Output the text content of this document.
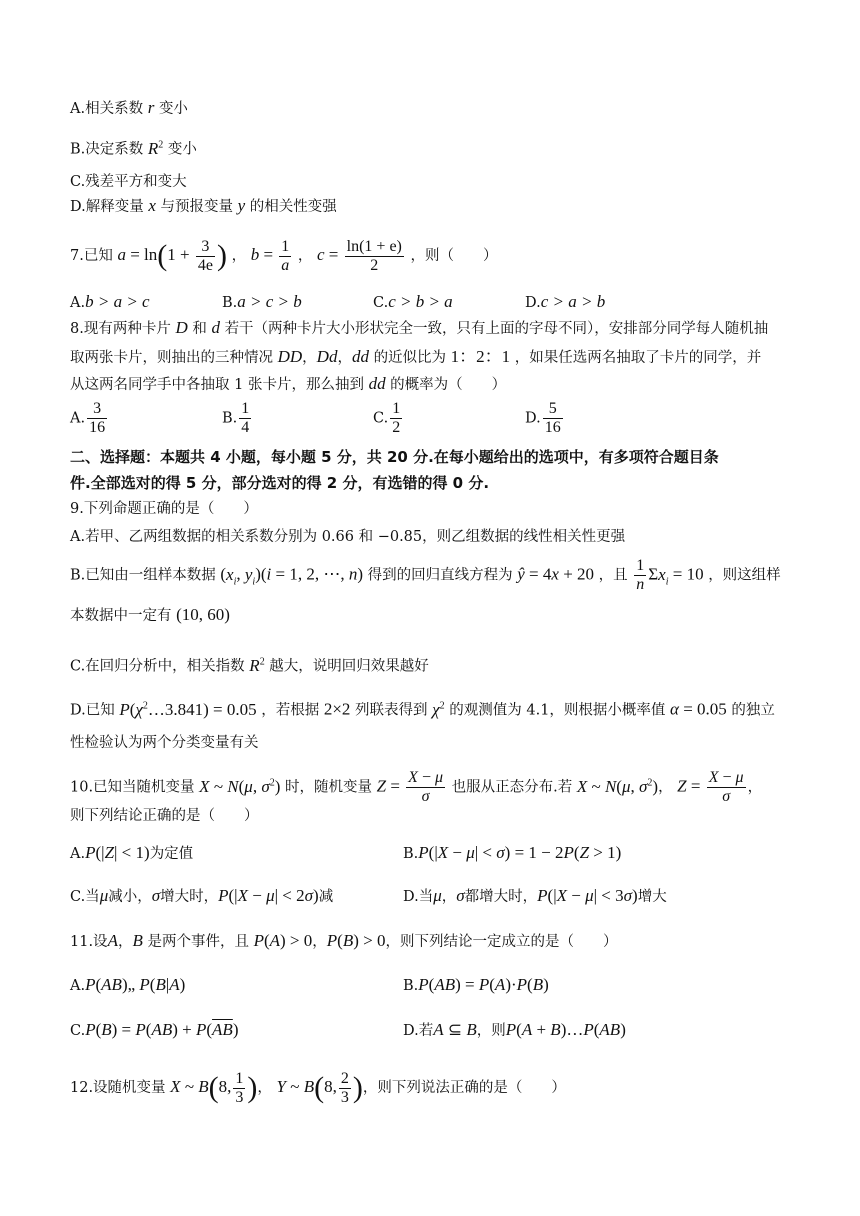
A.相关系数 r 变小
B.决定系数 $R^2$ 变小
C.残差平方和变大
D.解释变量 x 与预报变量 y 的相关性变强
7.已知 $a = \ln(1 + \frac{3}{4e}$ ) ， $b = \frac{1}{a}$ ， $c = \frac{\ln(1 + e)}{2}$ ，则（　　）
A.b > a > c	B.a > c > b	C.c > b > a	D.c > a > b
8.现有两种卡片 D 和 d 若干（两种卡片大小形状完全一致，只有上面的字母不同），安排部分同学每人随机抽
取两张卡片，则抽出的三种情况 DD，Dd，dd 的近似比为 1：2：1 ，如果任选两名抽取了卡片的同学，并
从这两名同学手中各抽取 1 张卡片，那么抽到 dd 的概率为（　　）
A. $\frac{3}{16}$	B. $\frac{1}{4}$	C. $\frac{1}{2}$	D. $\frac{5}{16}$
二、选择题：本题共 4 小题，每小题 5 分，共 20 分.在每小题给出的选项中，有多项符合题目条
件.全部选对的得 5 分，部分选对的得 2 分，有选错的得 0 分.
9.下列命题正确的是（　　）
A.若甲、乙两组数据的相关系数分别为 0.66 和 −0.85，则乙组数据的线性相关性更强
B.已知由一组样本数据 ($x_i$, $y_i)(i = 1$, 2, ⋯, n) 得到的回归直线方程为 ŷ = 4x + 20 ，且 $\frac{1}{n} \Sigma x_i = 10$ ，则这组样
本数据中一定有 (10, 60)
C.在回归分析中，相关指数 $R^2$ 越大，说明回归效果越好
D.已知 $P(\chi^2\dots 3.841) = 0.05$ ，若根据 2×2 列联表得到 $\chi^2$ 的观测值为 4.1，则根据小概率值 α = 0.05 的独立
性检验认为两个分类变量有关
10.已知当随机变量 X ~ N(μ, $\sigma^2$) 时，随机变量 $Z = \frac{X - \mu}{\sigma}$ 也服从正态分布.若 X ~ N(μ, $\sigma^2$)， $Z = \frac{X - \mu}{\sigma}$ ，
则下列结论正确的是（　　）
A.P(|Z| < 1)为定值	B.P(|X − μ| < σ) = 1 − 2P(Z > 1)
C.当μ减小，σ增大时，P(|X − μ| < 2σ)减	D.当μ，σ都增大时，P(|X − μ| < 3σ)增大
11.设A，B 是两个事件，且 P(A) > 0，P(B) > 0，则下列结论一定成立的是（　　）
A.P(AB)„ P(B|A)	B.P(AB) = P(A)·P(B)
$C.P(B) = P(AB) + P(\overline{AB})$	D.若A ⊆ B，则P(A + B)…P(AB)
12.设随机变量 X ~ B(8, $\frac{1}{3}$ )， Y ~ B(8, $\frac{2}{3}$ )，则下列说法正确的是（　　）
